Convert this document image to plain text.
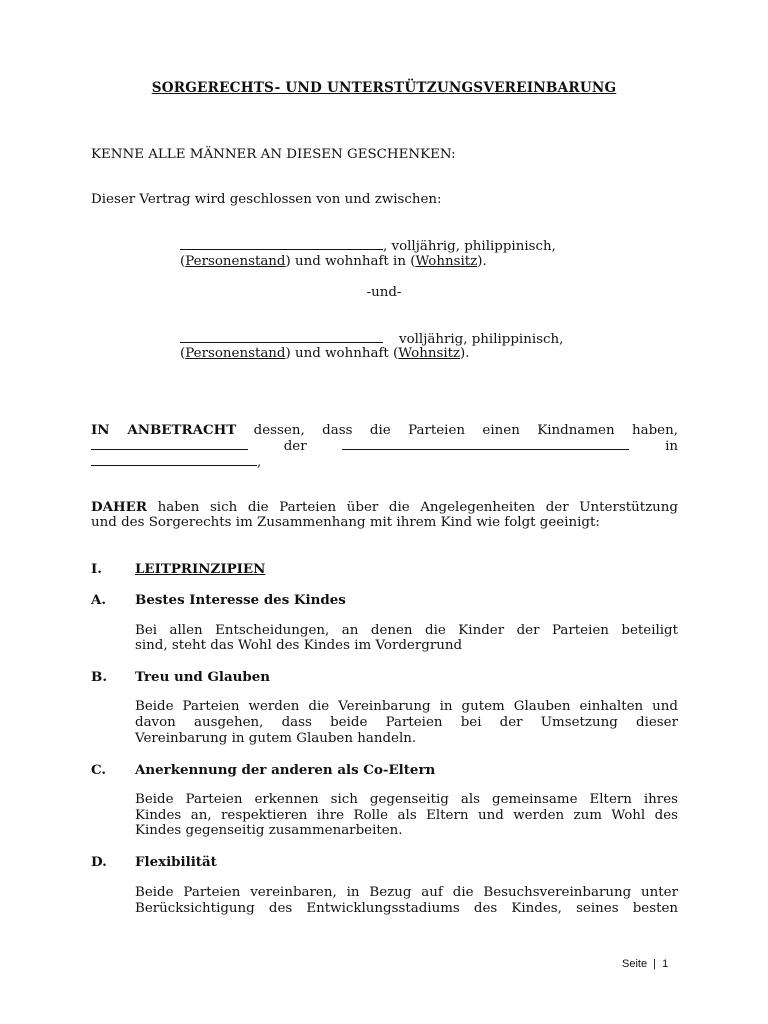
SORGERECHTS- UND UNTERSTÜTZUNGSVEREINBARUNG
KENNE ALLE MÄNNER AN DIESEN GESCHENKEN:
Dieser Vertrag wird geschlossen von und zwischen:
, volljährig, philippinisch,
(Personenstand) und wohnhaft in (Wohnsitz).
-und-
volljährig, philippinisch,
(Personenstand) und wohnhaft (Wohnsitz).
IN ANBETRACHT dessen, dass die Parteien einen Kindnamen haben,
der	in
,
DAHER haben sich die Parteien über die Angelegenheiten der Unterstützung
und des Sorgerechts im Zusammenhang mit ihrem Kind wie folgt geeinigt:
I. LEITPRINZIPIEN
A. Bestes Interesse des Kindes
Bei allen Entscheidungen, an denen die Kinder der Parteien beteiligt
sind, steht das Wohl des Kindes im Vordergrund
B. Treu und Glauben
Beide Parteien werden die Vereinbarung in gutem Glauben einhalten und
davon ausgehen, dass beide Parteien bei der Umsetzung dieser
Vereinbarung in gutem Glauben handeln.
C. Anerkennung der anderen als Co-Eltern
Beide Parteien erkennen sich gegenseitig als gemeinsame Eltern ihres
Kindes an, respektieren ihre Rolle als Eltern und werden zum Wohl des
Kindes gegenseitig zusammenarbeiten.
D. Flexibilität
Beide Parteien vereinbaren, in Bezug auf die Besuchsvereinbarung unter
Berücksichtigung des Entwicklungsstadiums des Kindes, seines besten
Seite | 1
